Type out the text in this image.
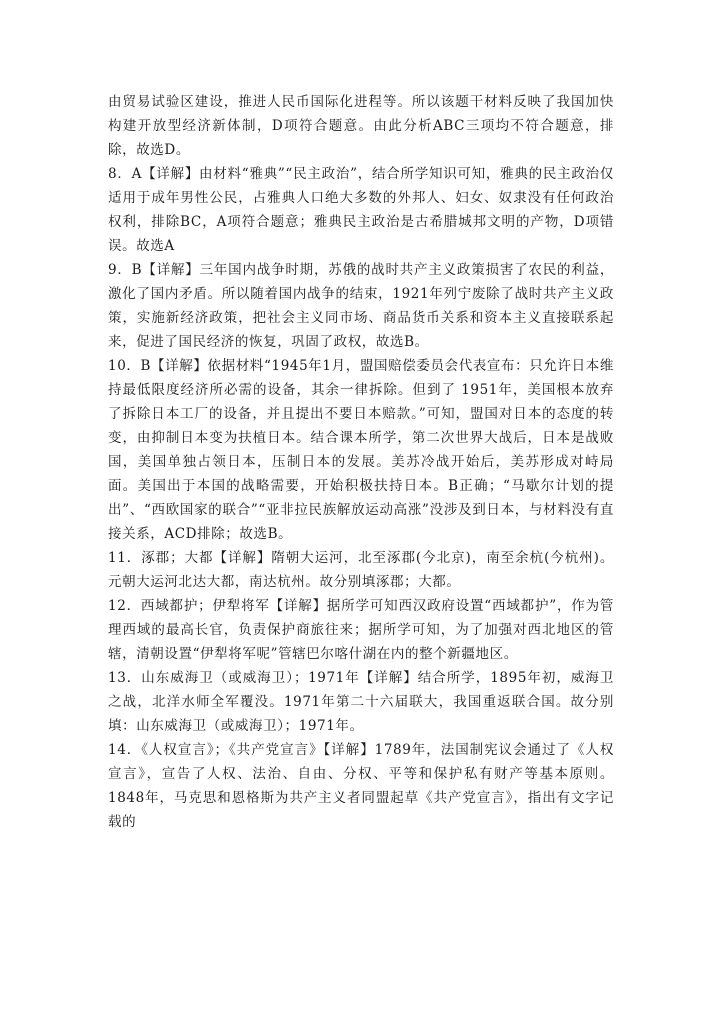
由贸易试验区建设，推进人民币国际化进程等。所以该题干材料反映了我国加快构建开放型经济新体制，D项符合题意。由此分析ABC三项均不符合题意，排除，故选D。

8．A【详解】由材料“雅典”“民主政治”，结合所学知识可知，雅典的民主政治仅适用于成年男性公民，占雅典人口绝大多数的外邦人、妇女、奴隶没有任何政治权利，排除BC，A项符合题意；雅典民主政治是古希腊城邦文明的产物，D项错误。故选A

9．B【详解】三年国内战争时期，苏俄的战时共产主义政策损害了农民的利益，激化了国内矛盾。所以随着国内战争的结束，1921年列宁废除了战时共产主义政策，实施新经济政策，把社会主义同市场、商品货币关系和资本主义直接联系起来，促进了国民经济的恢复，巩固了政权，故选B。

10．B【详解】依据材料“1945年1月，盟国赔偿委员会代表宣布：只允许日本维持最低限度经济所必需的设备，其余一律拆除。但到了 1951年，美国根本放弃了拆除日本工厂的设备，并且提出不要日本赔款。”可知，盟国对日本的态度的转变，由抑制日本变为扶植日本。结合课本所学，第二次世界大战后，日本是战败国，美国单独占领日本，压制日本的发展。美苏冷战开始后，美苏形成对峙局面。美国出于本国的战略需要，开始积极扶持日本。B正确；“马歇尔计划的提出”、“西欧国家的联合”“亚非拉民族解放运动高涨”没涉及到日本，与材料没有直接关系，ACD排除；故选B。

11．涿郡；大都【详解】隋朝大运河，北至涿郡(今北京)，南至余杭(今杭州)。元朝大运河北达大都，南达杭州。故分别填涿郡；大都。

12．西域都护；伊犁将军【详解】据所学可知西汉政府设置“西域都护”，作为管理西域的最高长官，负责保护商旅往来；据所学可知，为了加强对西北地区的管辖，清朝设置“伊犁将军呢”管辖巴尔喀什湖在内的整个新疆地区。

13．山东威海卫（或威海卫）；1971年【详解】结合所学，1895年初，威海卫之战，北洋水师全军覆没。1971年第二十六届联大，我国重返联合国。故分别填：山东威海卫（或威海卫）；1971年。

14．《人权宣言》；《共产党宣言》【详解】1789年，法国制宪议会通过了《人权宣言》，宣告了人权、法治、自由、分权、平等和保护私有财产等基本原则。1848年，马克思和恩格斯为共产主义者同盟起草《共产党宣言》，指出有文字记载的
